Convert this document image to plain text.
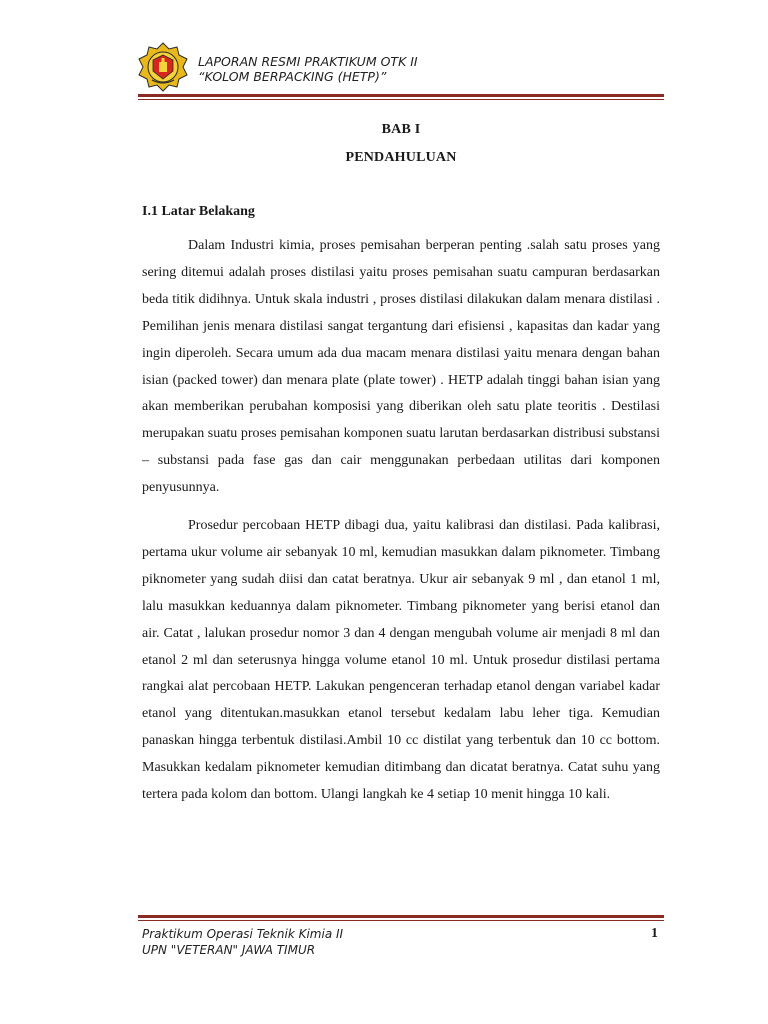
LAPORAN RESMI PRAKTIKUM OTK II
“KOLOM BERPACKING (HETP)”
BAB I
PENDAHULUAN
I.1 Latar Belakang

Dalam Industri kimia, proses pemisahan berperan penting .salah satu proses yang sering ditemui adalah proses distilasi yaitu proses pemisahan suatu campuran berdasarkan beda titik didihnya. Untuk skala industri , proses distilasi dilakukan dalam menara distilasi . Pemilihan jenis menara distilasi sangat tergantung dari efisiensi , kapasitas dan kadar yang ingin diperoleh. Secara umum ada dua macam menara distilasi yaitu menara dengan bahan isian (packed tower) dan menara plate (plate tower) . HETP adalah tinggi bahan isian yang akan memberikan perubahan komposisi yang diberikan oleh satu plate teoritis . Destilasi merupakan suatu proses pemisahan komponen suatu larutan berdasarkan distribusi substansi – substansi pada fase gas dan cair menggunakan perbedaan utilitas dari komponen penyusunnya.

Prosedur percobaan HETP dibagi dua, yaitu kalibrasi dan distilasi. Pada kalibrasi, pertama ukur volume air sebanyak 10 ml, kemudian masukkan dalam piknometer. Timbang piknometer yang sudah diisi dan catat beratnya. Ukur air sebanyak 9 ml , dan etanol 1 ml, lalu masukkan keduannya dalam piknometer. Timbang piknometer yang berisi etanol dan air. Catat , lalukan prosedur nomor 3 dan 4 dengan mengubah volume air menjadi 8 ml dan etanol 2 ml dan seterusnya hingga volume etanol 10 ml. Untuk prosedur distilasi pertama rangkai alat percobaan HETP. Lakukan pengenceran terhadap etanol dengan variabel kadar etanol yang ditentukan.masukkan etanol tersebut kedalam labu leher tiga. Kemudian panaskan hingga terbentuk distilasi.Ambil 10 cc distilat yang terbentuk dan 10 cc bottom. Masukkan kedalam piknometer kemudian ditimbang dan dicatat beratnya. Catat suhu yang tertera pada kolom dan bottom. Ulangi langkah ke 4 setiap 10 menit hingga 10 kali.

Praktikum Operasi Teknik Kimia II
UPN "VETERAN" JAWA TIMUR
1
